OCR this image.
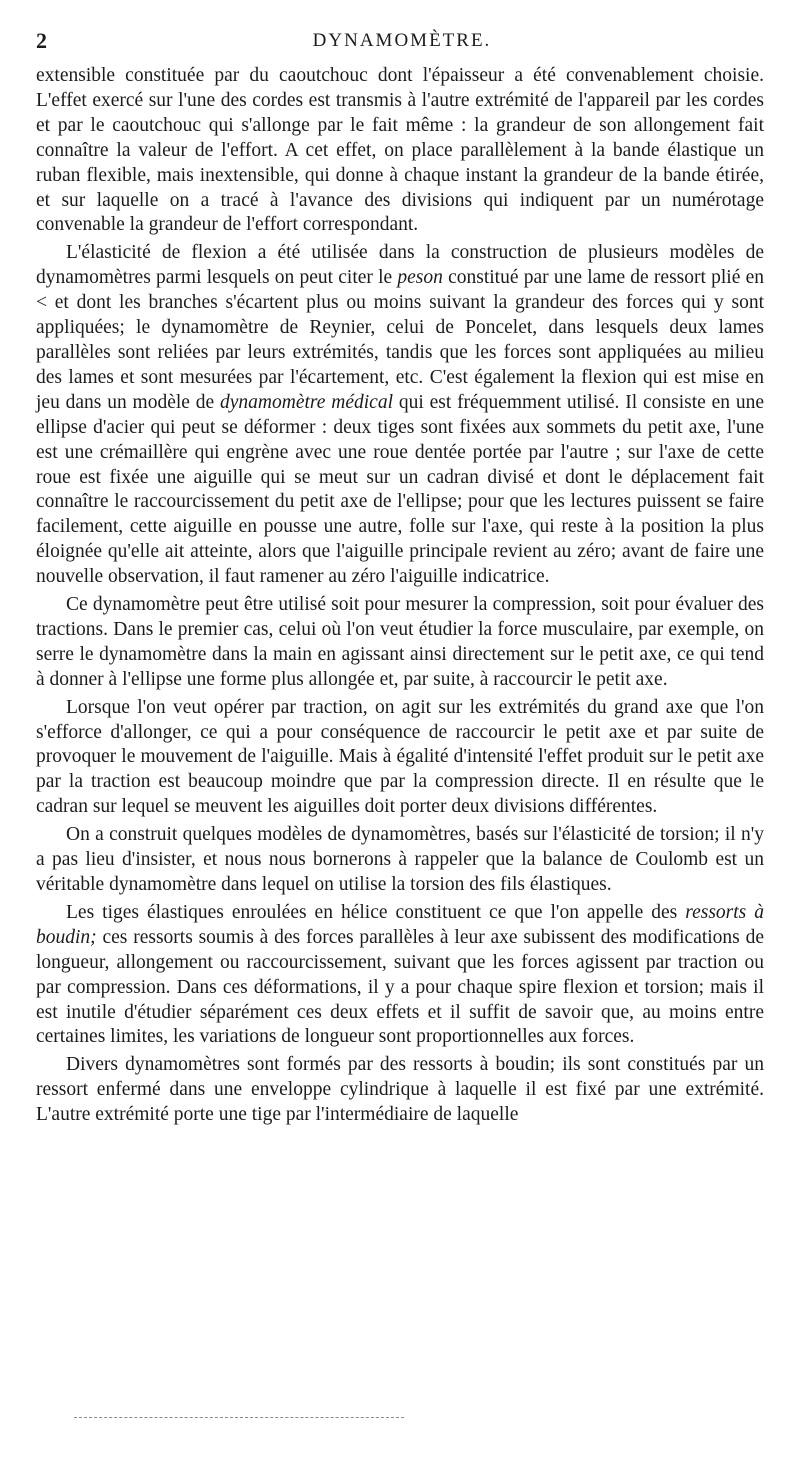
2	DYNAMOMÈTRE.

extensible constituée par du caoutchouc dont l'épaisseur a été convenablement choisie. L'effet exercé sur l'une des cordes est transmis à l'autre extrémité de l'appareil par les cordes et par le caoutchouc qui s'allonge par le fait même : la grandeur de son allongement fait connaître la valeur de l'effort. A cet effet, on place parallèlement à la bande élastique un ruban flexible, mais inextensible, qui donne à chaque instant la grandeur de la bande étirée, et sur laquelle on a tracé à l'avance des divisions qui indiquent par un numérotage convenable la grandeur de l'effort correspondant.

L'élasticité de flexion a été utilisée dans la construction de plusieurs modèles de dynamomètres parmi lesquels on peut citer le peson constitué par une lame de ressort plié en < et dont les branches s'écartent plus ou moins suivant la grandeur des forces qui y sont appliquées; le dynamomètre de Reynier, celui de Poncelet, dans lesquels deux lames parallèles sont reliées par leurs extrémités, tandis que les forces sont appliquées au milieu des lames et sont mesurées par l'écartement, etc. C'est également la flexion qui est mise en jeu dans un modèle de dynamomètre médical qui est fréquemment utilisé. Il consiste en une ellipse d'acier qui peut se déformer : deux tiges sont fixées aux sommets du petit axe, l'une est une crémaillère qui engrène avec une roue dentée portée par l'autre ; sur l'axe de cette roue est fixée une aiguille qui se meut sur un cadran divisé et dont le déplacement fait connaître le raccourcissement du petit axe de l'ellipse; pour que les lectures puissent se faire facilement, cette aiguille en pousse une autre, folle sur l'axe, qui reste à la position la plus éloignée qu'elle ait atteinte, alors que l'aiguille principale revient au zéro; avant de faire une nouvelle observation, il faut ramener au zéro l'aiguille indicatrice.

Ce dynamomètre peut être utilisé soit pour mesurer la compression, soit pour évaluer des tractions. Dans le premier cas, celui où l'on veut étudier la force musculaire, par exemple, on serre le dynamomètre dans la main en agissant ainsi directement sur le petit axe, ce qui tend à donner à l'ellipse une forme plus allongée et, par suite, à raccourcir le petit axe.

Lorsque l'on veut opérer par traction, on agit sur les extrémités du grand axe que l'on s'efforce d'allonger, ce qui a pour conséquence de raccourcir le petit axe et par suite de provoquer le mouvement de l'aiguille. Mais à égalité d'intensité l'effet produit sur le petit axe par la traction est beaucoup moindre que par la compression directe. Il en résulte que le cadran sur lequel se meuvent les aiguilles doit porter deux divisions différentes.

On a construit quelques modèles de dynamomètres, basés sur l'élasticité de torsion; il n'y a pas lieu d'insister, et nous nous bornerons à rappeler que la balance de Coulomb est un véritable dynamomètre dans lequel on utilise la torsion des fils élastiques.

Les tiges élastiques enroulées en hélice constituent ce que l'on appelle des ressorts à boudin; ces ressorts soumis à des forces parallèles à leur axe subissent des modifications de longueur, allongement ou raccourcissement, suivant que les forces agissent par traction ou par compression. Dans ces déformations, il y a pour chaque spire flexion et torsion; mais il est inutile d'étudier séparément ces deux effets et il suffit de savoir que, au moins entre certaines limites, les variations de longueur sont proportionnelles aux forces.

Divers dynamomètres sont formés par des ressorts à boudin; ils sont constitués par un ressort enfermé dans une enveloppe cylindrique à laquelle il est fixé par une extrémité. L'autre extrémité porte une tige par l'intermédiaire de laquelle
